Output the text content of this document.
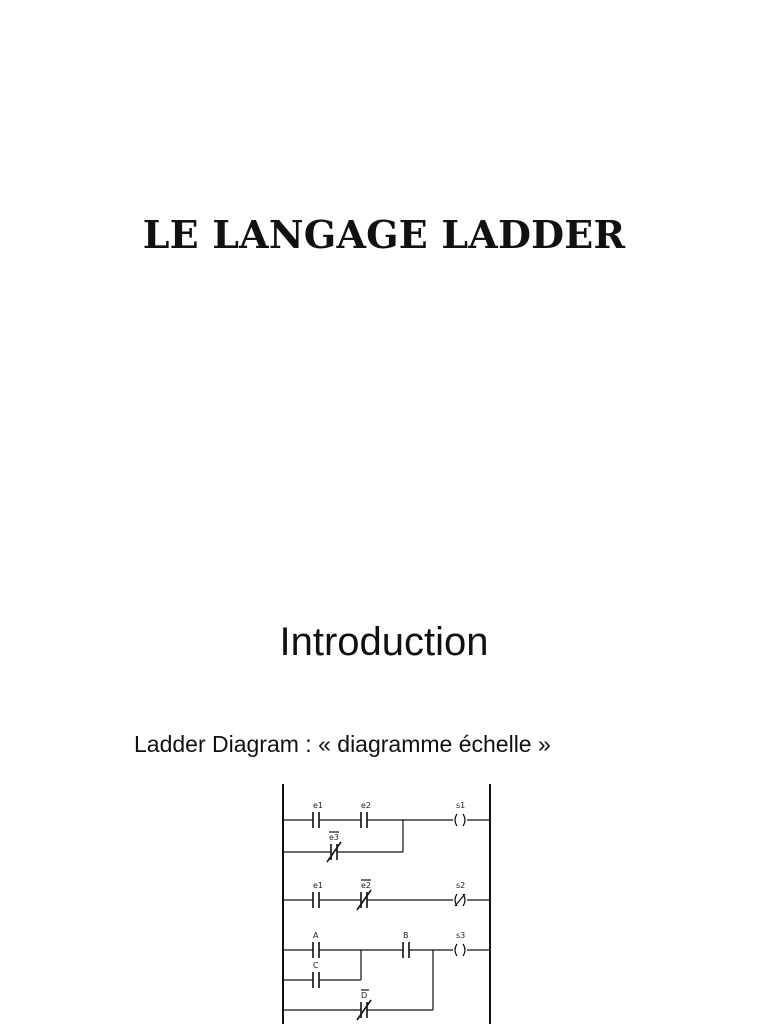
LE LANGAGE LADDER
Introduction
Ladder Diagram : « diagramme échelle »
e1	e2	s1
e3
e1	e2	s2
A	B	s3
C
D
